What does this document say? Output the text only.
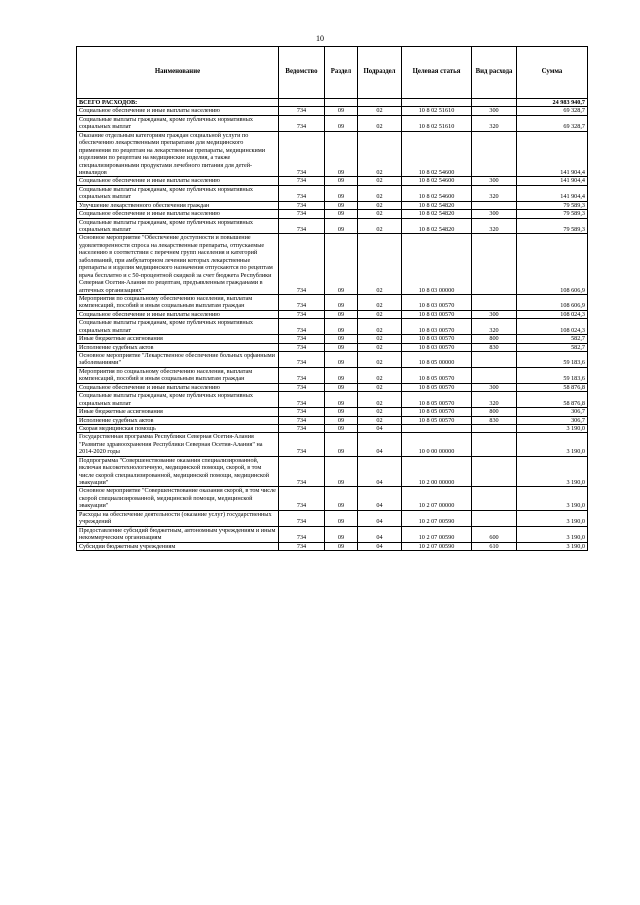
10
Наименование	Ведомство	Раздел	Подраздел	Целевая статья	Вид расхода	Сумма
ВСЕГО РАСХОДОВ:						24 983 940,7
Социальное обеспечение и иные выплаты населению	734	09	02	10 8 02 51610	300	69 328,7
Социальные выплаты гражданам, кроме публичных нормативных социальных выплат	734	09	02	10 8 02 51610	320	69 328,7
Оказание отдельным категориям граждан социальной услуги по обеспечению лекарственными препаратами для медицинского применения по рецептам на лекарственные препараты, медицинскими изделиями по рецептам на медицинские изделия, а также специализированными продуктами лечебного питания для детей-инвалидов	734	09	02	10 8 02 54600		141 904,4
Социальное обеспечение и иные выплаты населению	734	09	02	10 8 02 54600	300	141 904,4
Социальные выплаты гражданам, кроме публичных нормативных социальных выплат	734	09	02	10 8 02 54600	320	141 904,4
Улучшение лекарственного обеспечения граждан	734	09	02	10 8 02 54820		79 589,3
Социальное обеспечение и иные выплаты населению	734	09	02	10 8 02 54820	300	79 589,3
Социальные выплаты гражданам, кроме публичных нормативных социальных выплат	734	09	02	10 8 02 54820	320	79 589,3
Основное мероприятие "Обеспечение доступности и повышение удовлетворенности спроса на лекарственные препараты, отпускаемые населению в соответствии с перечнем групп населения и категорий заболеваний, при амбулаторном лечении которых лекарственные препараты и изделия медицинского назначения отпускаются по рецептам врача бесплатно и с 50-процентной скидкой за счет бюджета Республики Северная Осетия-Алания по рецептам, предъявленным гражданами в аптечных организациях"	734	09	02	10 8 03 00000		108 606,9
Мероприятия по социальному обеспечению населения, выплатам компенсаций, пособий и иным социальным выплатам граждан	734	09	02	10 8 03 00570		108 606,9
Социальное обеспечение и иные выплаты населению	734	09	02	10 8 03 00570	300	108 024,3
Социальные выплаты гражданам, кроме публичных нормативных социальных выплат	734	09	02	10 8 03 00570	320	108 024,3
Иные бюджетные ассигнования	734	09	02	10 8 03 00570	800	582,7
Исполнение судебных актов	734	09	02	10 8 03 00570	830	582,7
Основное мероприятие "Лекарственное обеспечение больных орфанными заболеваниями"	734	09	02	10 8 05 00000		59 183,6
Мероприятия по социальному обеспечению населения, выплатам компенсаций, пособий и иным социальным выплатам граждан	734	09	02	10 8 05 00570		59 183,6
Социальное обеспечение и иные выплаты населению	734	09	02	10 8 05 00570	300	58 876,8
Социальные выплаты гражданам, кроме публичных нормативных социальных выплат	734	09	02	10 8 05 00570	320	58 876,8
Иные бюджетные ассигнования	734	09	02	10 8 05 00570	800	306,7
Исполнение судебных актов	734	09	02	10 8 05 00570	830	306,7
Скорая медицинская помощь	734	09	04			3 190,0
Государственная программа Республики Северная Осетия-Алания "Развитие здравоохранения Республики Северная Осетия-Алания" на 2014-2020 годы	734	09	04	10 0 00 00000		3 190,0
Подпрограмма "Совершенствование оказания специализированной, включая высокотехнологичную, медицинской помощи, скорой, в том числе скорой специализированной, медицинской помощи, медицинской эвакуации"	734	09	04	10 2 00 00000		3 190,0
Основное мероприятие "Совершенствование оказания скорой, в том числе скорой специализированной, медицинской помощи, медицинской эвакуации"	734	09	04	10 2 07 00000		3 190,0
Расходы на обеспечение деятельности (оказание услуг) государственных учреждений	734	09	04	10 2 07 00590		3 190,0
Предоставление субсидий бюджетным, автономным учреждениям и иным некоммерческим организациям	734	09	04	10 2 07 00590	600	3 190,0
Субсидии бюджетным учреждениям	734	09	04	10 2 07 00590	610	3 190,0
